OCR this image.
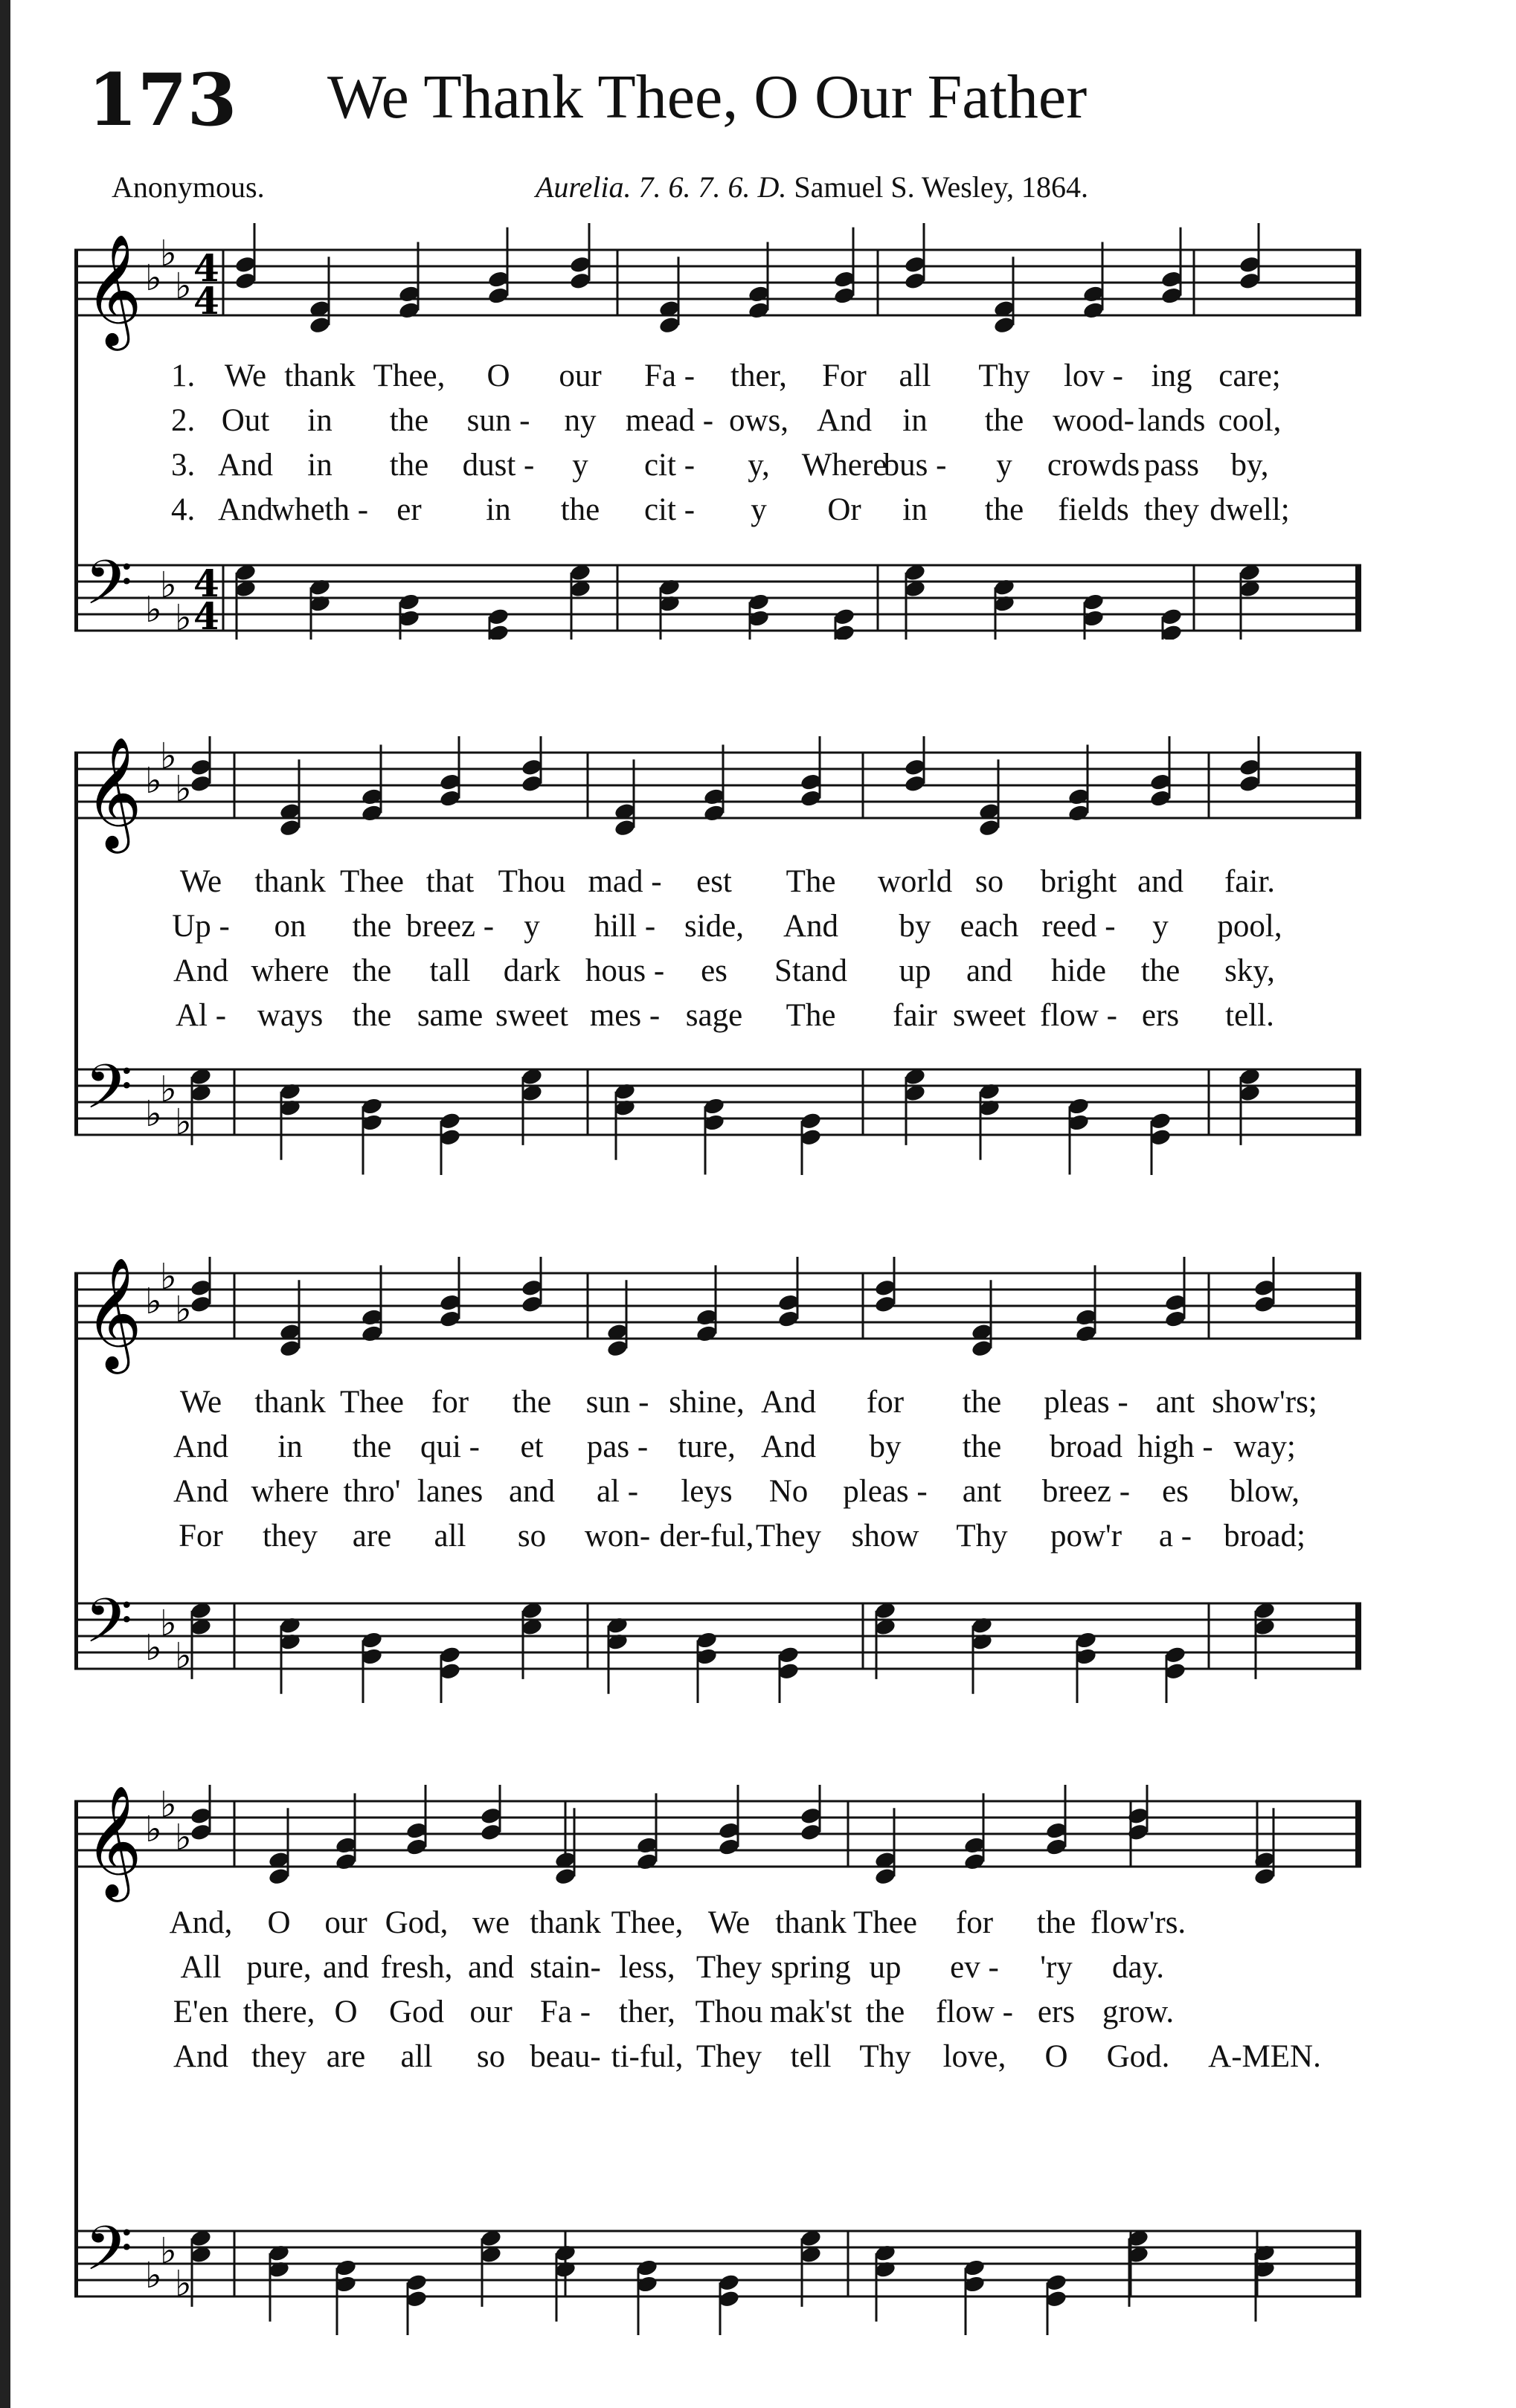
173 We Thank Thee, O Our Father
Anonymous.	Aurelia. 7. 6. 7. 6. D. Samuel S. Wesley, 1864.
𝄞
𝄢
♭
♭
♭
♭
♭
♭
4
4
4
4
1. We thank Thee, O our Fa - ther, For all Thy lov - ing care;
2. Out in the sun - ny mead - ows, And in the wood- lands cool,
3. And in the dust - y cit - y, Where
bus - y crowds pass by,
4. And
wheth - er in the cit - y Or in the fields they dwell;
𝄞
𝄢
♭
♭
♭
♭
♭
♭
We thank Thee that Thou mad - est The world so bright and fair.
Up - on the breez - y hill - side, And by each reed - y pool,
And where the tall dark hous - es Stand up and hide the sky,
Al - ways the same sweet mes - sage The fair sweet flow - ers tell.
𝄞
𝄢
♭
♭
♭
♭
♭
♭
We thank Thee for the sun - shine, And for the pleas - ant show'rs;
And in the qui - et pas - ture, And by the broad high - way;
And where thro' lanes and al - leys No pleas - ant breez - es blow,
For they are all so won- der-ful, They show Thy pow'r a - broad;
𝄞
𝄢
♭
♭
♭
♭
♭
♭
And, O our God, we thank Thee, We thank Thee for the flow'rs.
All pure, and fresh, and stain- less, They spring up ev - 'ry day.
E'en there, O God our Fa - ther, Thou mak'st the flow - ers grow.
And they are all so beau- ti-ful, They tell Thy love, O God. A-MEN.
